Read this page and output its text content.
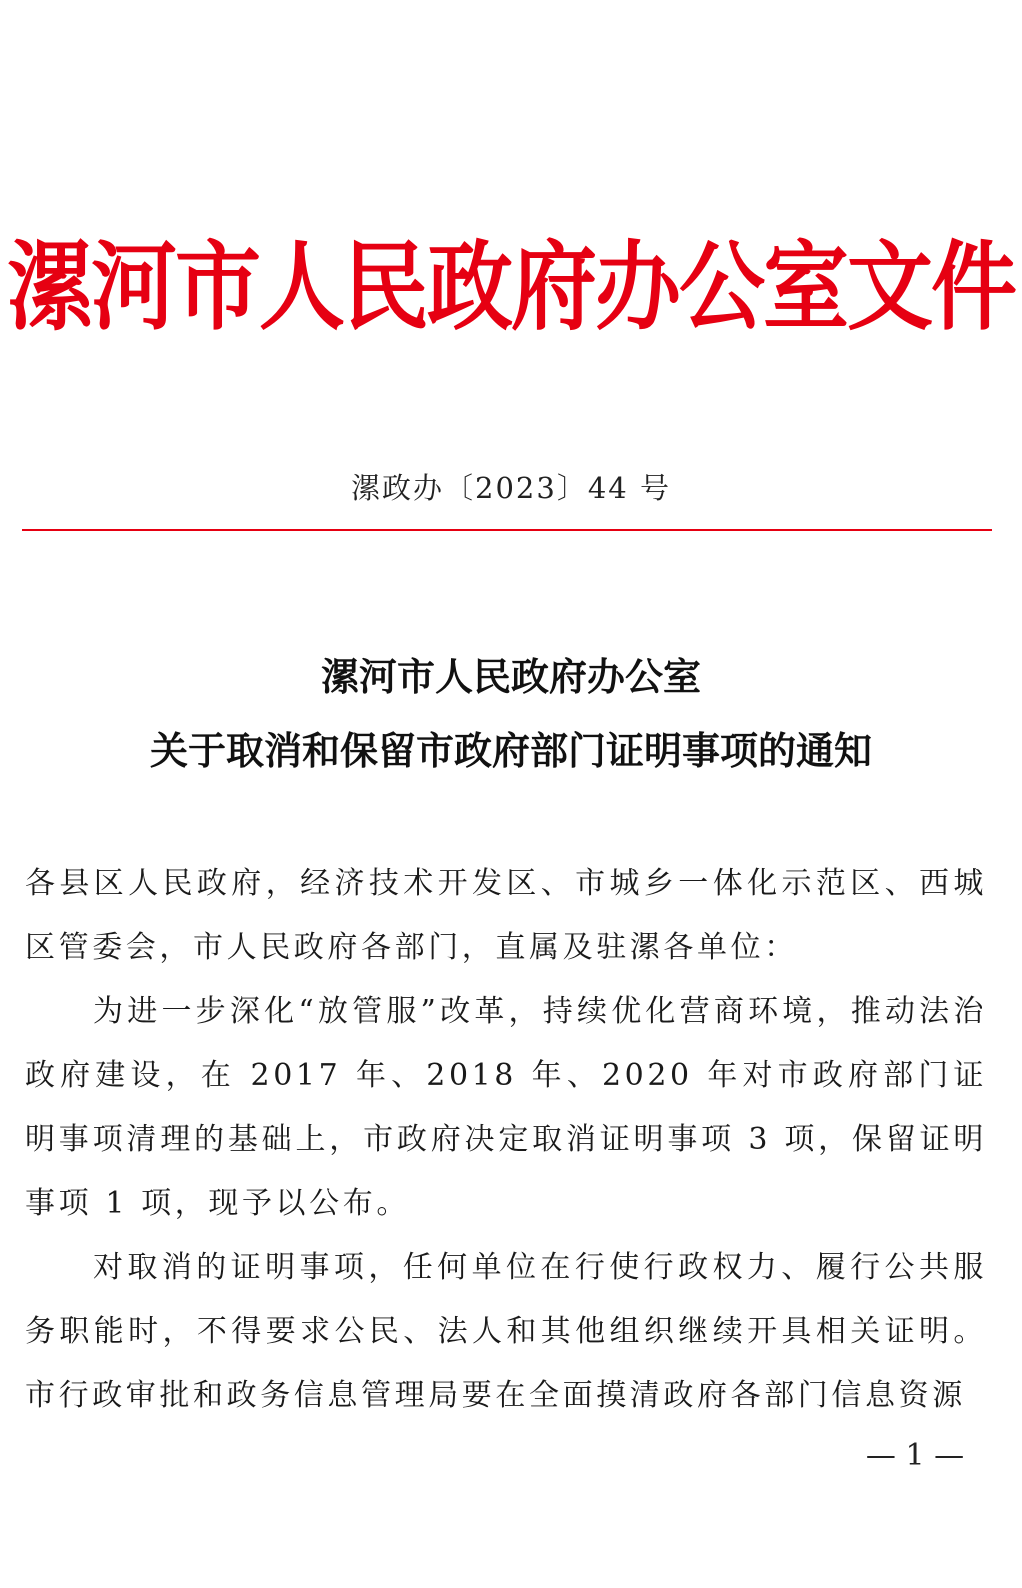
漯河市人民政府办公室文件
漯政办〔2023〕44 号
漯河市人民政府办公室
关于取消和保留市政府部门证明事项的通知

各县区人民政府，经济技术开发区、市城乡一体化示范区、西城区管委会，市人民政府各部门，直属及驻漯各单位：

为进一步深化“放管服”改革，持续优化营商环境，推动法治政府建设，在 2017 年、2018 年、2020 年对市政府部门证明事项清理的基础上，市政府决定取消证明事项 3 项，保留证明事项 1 项，现予以公布。

对取消的证明事项，任何单位在行使行政权力、履行公共服务职能时，不得要求公民、法人和其他组织继续开具相关证明。市行政审批和政务信息管理局要在全面摸清政府各部门信息资源

— 1 —
